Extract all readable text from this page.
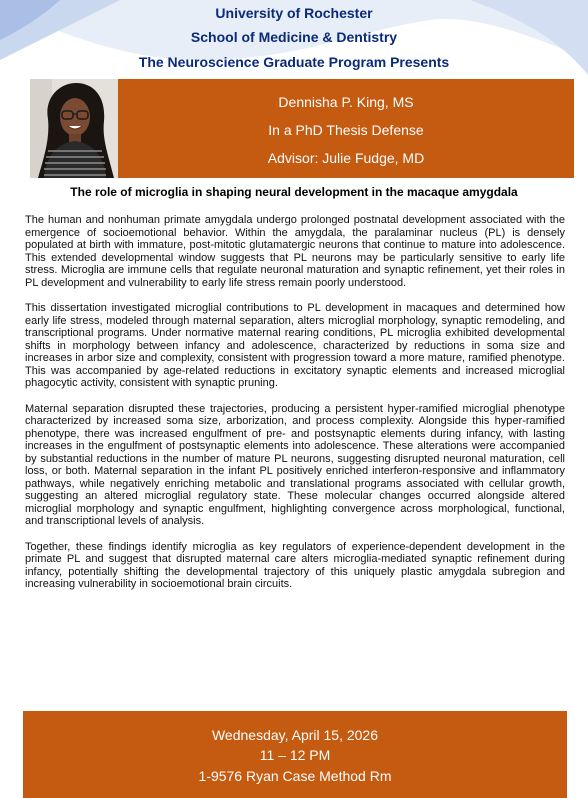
University of Rochester
School of Medicine & Dentistry
The Neuroscience Graduate Program Presents
Dennisha P. King, MS
In a PhD Thesis Defense
Advisor: Julie Fudge, MD
The role of microglia in shaping neural development in the macaque amygdala

The human and nonhuman primate amygdala undergo prolonged postnatal development associated with the emergence of socioemotional behavior. Within the amygdala, the paralaminar nucleus (PL) is densely populated at birth with immature, post-mitotic glutamatergic neurons that continue to mature into adolescence. This extended developmental window suggests that PL neurons may be particularly sensitive to early life stress. Microglia are immune cells that regulate neuronal maturation and synaptic refinement, yet their roles in PL development and vulnerability to early life stress remain poorly understood.

This dissertation investigated microglial contributions to PL development in macaques and determined how early life stress, modeled through maternal separation, alters microglial morphology, synaptic remodeling, and transcriptional programs. Under normative maternal rearing conditions, PL microglia exhibited developmental shifts in morphology between infancy and adolescence, characterized by reductions in soma size and increases in arbor size and complexity, consistent with progression toward a more mature, ramified phenotype. This was accompanied by age-related reductions in excitatory synaptic elements and increased microglial phagocytic activity, consistent with synaptic pruning.

Maternal separation disrupted these trajectories, producing a persistent hyper-ramified microglial phenotype characterized by increased soma size, arborization, and process complexity. Alongside this hyper-ramified phenotype, there was increased engulfment of pre- and postsynaptic elements during infancy, with lasting increases in the engulfment of postsynaptic elements into adolescence. These alterations were accompanied by substantial reductions in the number of mature PL neurons, suggesting disrupted neuronal maturation, cell loss, or both. Maternal separation in the infant PL positively enriched interferon-responsive and inflammatory pathways, while negatively enriching metabolic and translational programs associated with cellular growth, suggesting an altered microglial regulatory state. These molecular changes occurred alongside altered microglial morphology and synaptic engulfment, highlighting convergence across morphological, functional, and transcriptional levels of analysis.

Together, these findings identify microglia as key regulators of experience-dependent development in the primate PL and suggest that disrupted maternal care alters microglia-mediated synaptic refinement during infancy, potentially shifting the developmental trajectory of this uniquely plastic amygdala subregion and increasing vulnerability in socioemotional brain circuits.

Wednesday, April 15, 2026
11 – 12 PM
1-9576 Ryan Case Method Rm
